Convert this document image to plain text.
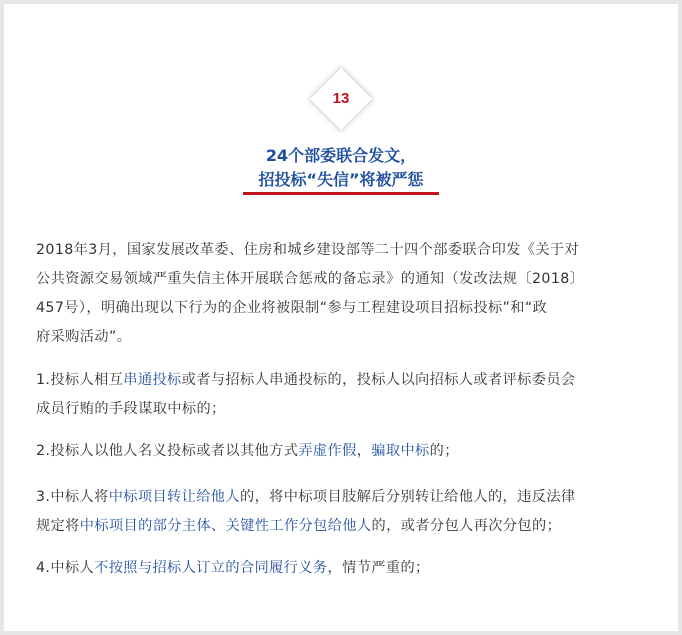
13
24个部委联合发文，
招投标“失信”将被严惩

2018年3月，国家发展改革委、住房和城乡建设部等二十四个部委联合印发《关于对
公共资源交易领域严重失信主体开展联合惩戒的备忘录》的通知（发改法规〔2018〕
457号），明确出现以下行为的企业将被限制“参与工程建设项目招标投标”和“政
府采购活动”。

1.投标人相互串通投标或者与招标人串通投标的，投标人以向招标人或者评标委员会
成员行贿的手段谋取中标的；

2.投标人以他人名义投标或者以其他方式弄虚作假，骗取中标的；

3.中标人将中标项目转让给他人的，将中标项目肢解后分别转让给他人的，违反法律
规定将中标项目的部分主体、关键性工作分包给他人的，或者分包人再次分包的；

4.中标人不按照与招标人订立的合同履行义务，情节严重的；
